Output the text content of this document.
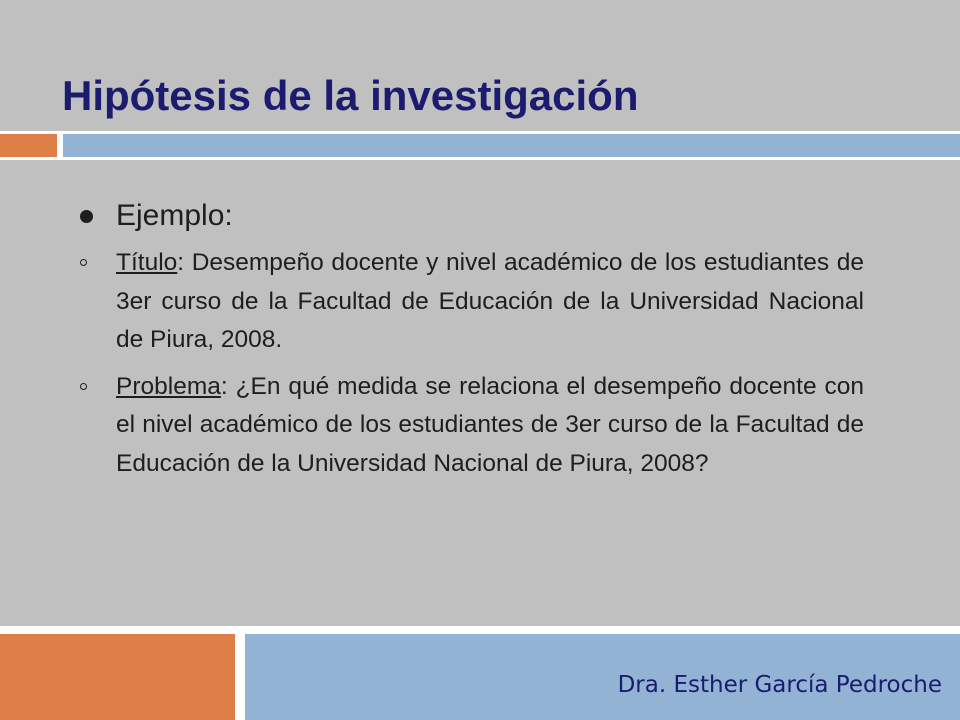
Hipótesis de la investigación
Ejemplo:
Título: Desempeño docente y nivel académico de los estudiantes de 3er curso de la Facultad de Educación de la Universidad Nacional de Piura, 2008.
Problema: ¿En qué medida se relaciona el desempeño docente con el nivel académico de los estudiantes de 3er curso de la Facultad de Educación de la Universidad Nacional de Piura, 2008?
Dra. Esther García Pedroche
